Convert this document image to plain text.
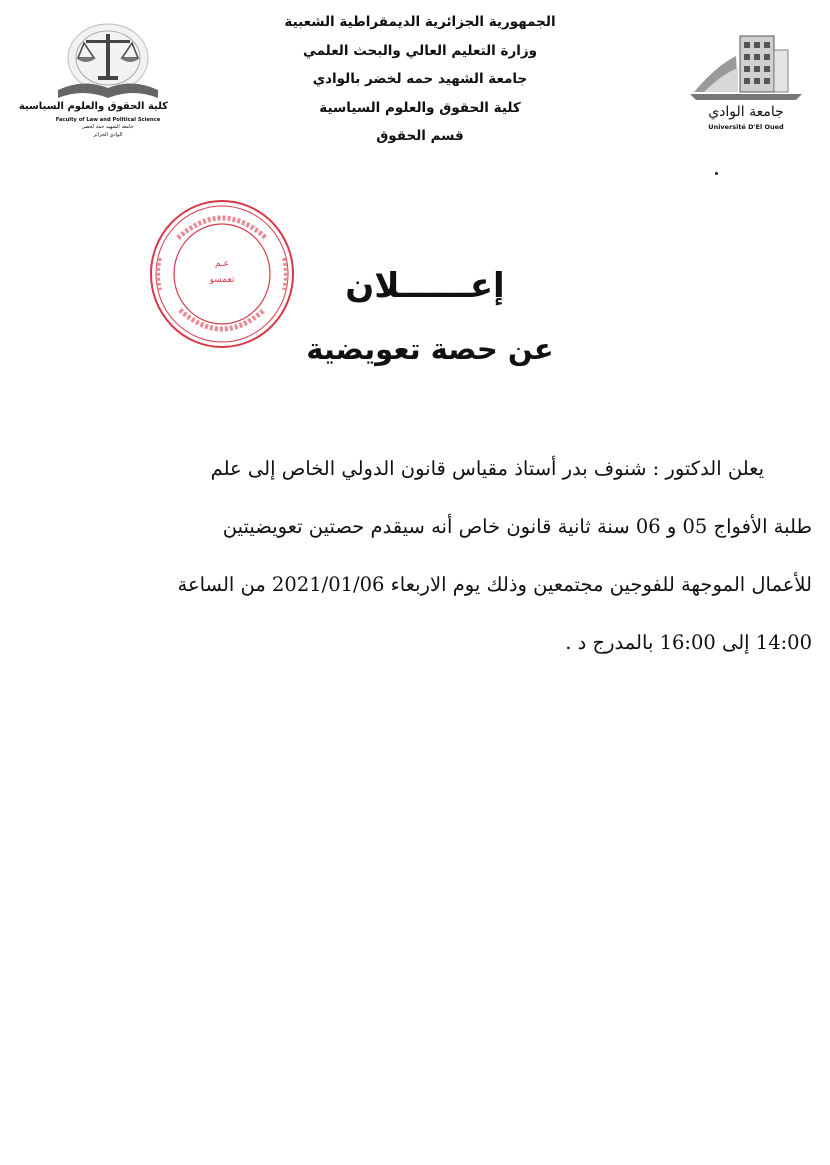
كلية الحقوق والعلوم السياسية
Faculty of Law and Political Science
جامعة الشهيد حمة لخضر
الوادي الجزائر
الجمهورية الجزائرية الديمقراطية الشعبية
وزارة التعليم العالي والبحث العلمي
جامعة الشهيد حمه لخضر بالوادي
كلية الحقوق والعلوم السياسية
قسم الحقوق
جامعة الوادي
Université D'El Oued
عـم
تعمسو	إعــــــلان
عن حصة تعويضية
يعلن الدكتور : شنوف بدر أستاذ مقياس قانون الدولي الخاص إلى علم
طلبة الأفواج 05 و 06 سنة ثانية قانون خاص أنه سيقدم حصتين تعويضيتين
للأعمال الموجهة للفوجين مجتمعين وذلك يوم الاربعاء 2021/01/06 من الساعة
14:00 إلى 16:00 بالمدرج د .
